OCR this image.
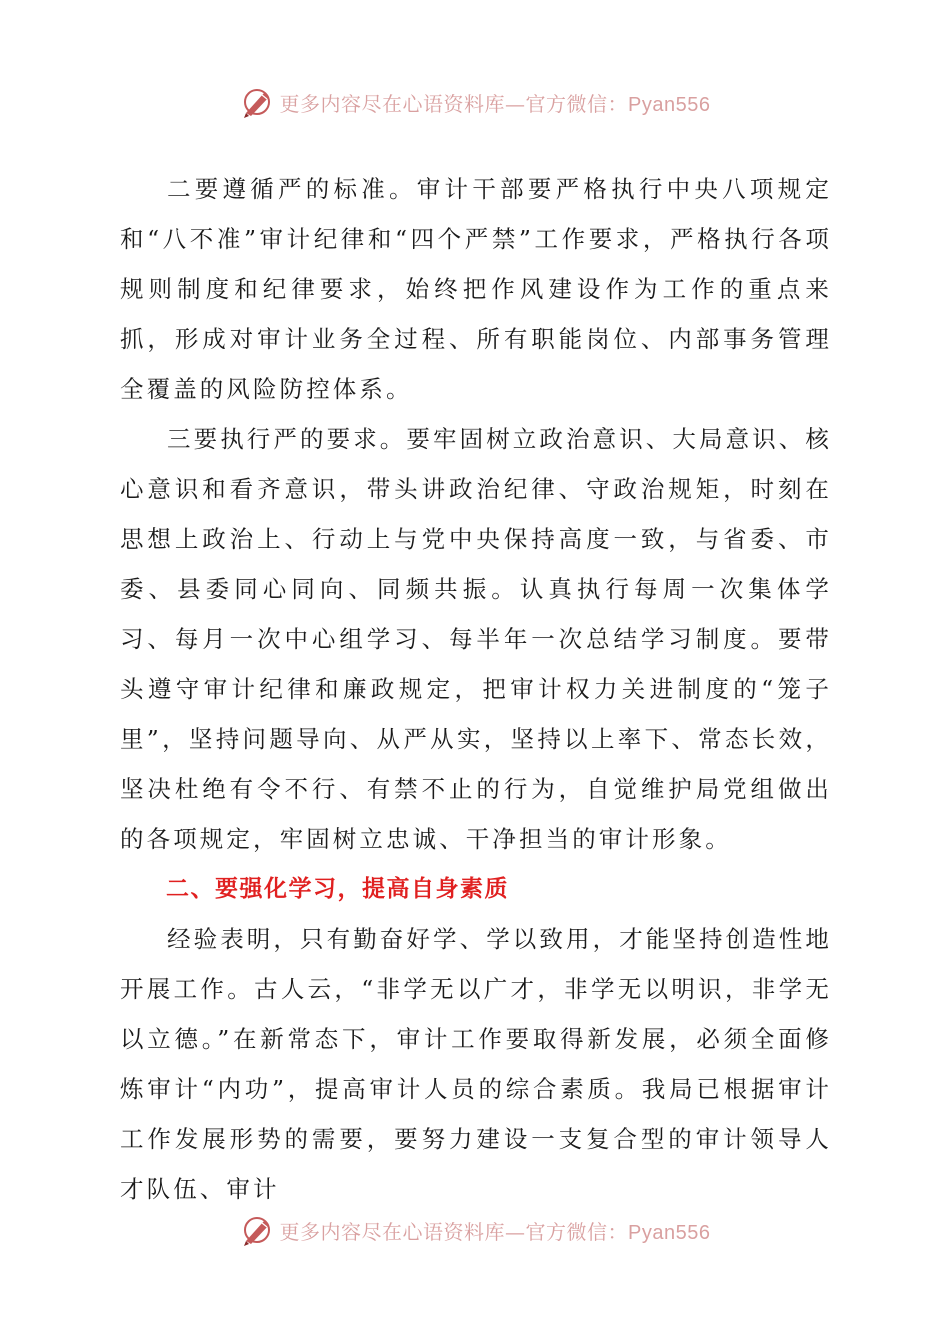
更多内容尽在心语资料库—官方微信：Pyan556

二要遵循严的标准。审计干部要严格执行中央八项规定和“八不准”审计纪律和“四个严禁”工作要求，严格执行各项规则制度和纪律要求，始终把作风建设作为工作的重点来抓，形成对审计业务全过程、所有职能岗位、内部事务管理全覆盖的风险防控体系。

三要执行严的要求。要牢固树立政治意识、大局意识、核心意识和看齐意识，带头讲政治纪律、守政治规矩，时刻在思想上政治上、行动上与党中央保持高度一致，与省委、市委、县委同心同向、同频共振。认真执行每周一次集体学习、每月一次中心组学习、每半年一次总结学习制度。要带头遵守审计纪律和廉政规定，把审计权力关进制度的“笼子里”，坚持问题导向、从严从实，坚持以上率下、常态长效，坚决杜绝有令不行、有禁不止的行为，自觉维护局党组做出的各项规定，牢固树立忠诚、干净担当的审计形象。

二、要强化学习，提高自身素质

经验表明，只有勤奋好学、学以致用，才能坚持创造性地开展工作。古人云，“非学无以广才，非学无以明识，非学无以立德。”在新常态下，审计工作要取得新发展，必须全面修炼审计“内功”，提高审计人员的综合素质。我局已根据审计工作发展形势的需要，要努力建设一支复合型的审计领导人才队伍、审计

更多内容尽在心语资料库—官方微信：Pyan556
